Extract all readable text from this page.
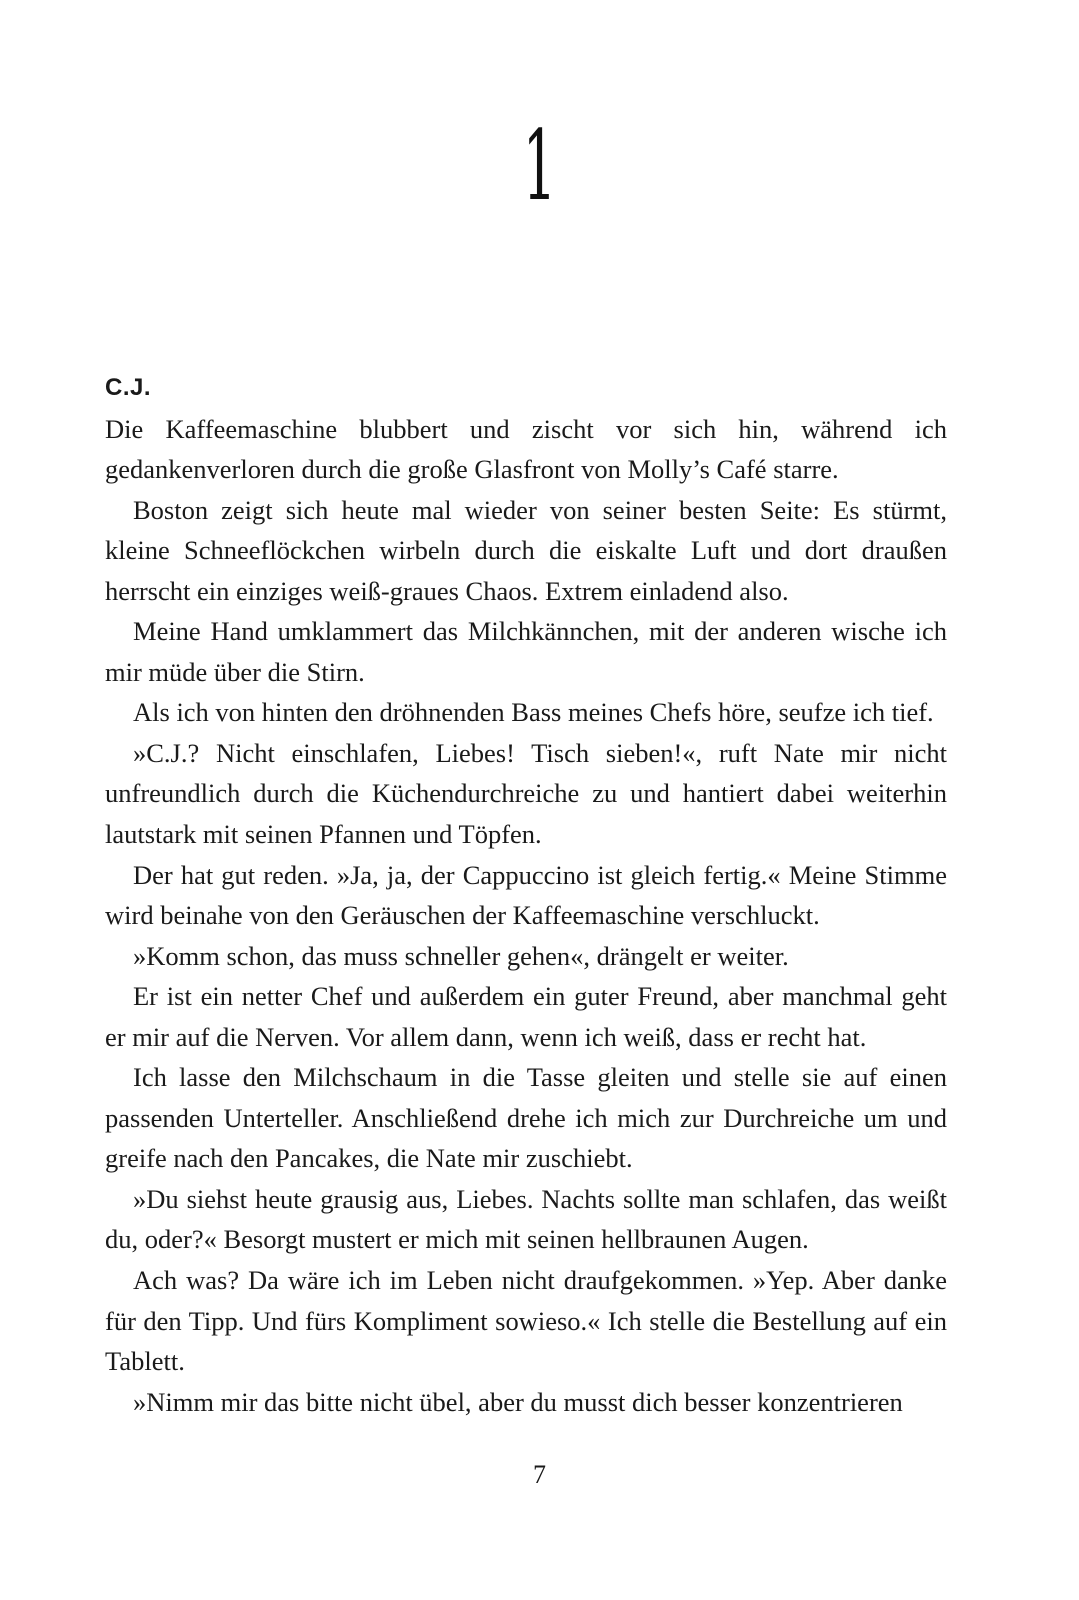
1

C.J.

Die Kaffeemaschine blubbert und zischt vor sich hin, während ich gedankenverloren durch die große Glasfront von Molly’s Café starre.

Boston zeigt sich heute mal wieder von seiner besten Seite: Es stürmt, kleine Schneeflöckchen wirbeln durch die eiskalte Luft und dort draußen herrscht ein einziges weiß-graues Chaos. Extrem einladend also.

Meine Hand umklammert das Milchkännchen, mit der anderen wische ich mir müde über die Stirn.

Als ich von hinten den dröhnenden Bass meines Chefs höre, seufze ich tief.

»C.J.? Nicht einschlafen, Liebes! Tisch sieben!«, ruft Nate mir nicht unfreundlich durch die Küchendurchreiche zu und hantiert dabei weiterhin lautstark mit seinen Pfannen und Töpfen.

Der hat gut reden. »Ja, ja, der Cappuccino ist gleich fertig.« Meine Stimme wird beinahe von den Geräuschen der Kaffeemaschine verschluckt.

»Komm schon, das muss schneller gehen«, drängelt er weiter.

Er ist ein netter Chef und außerdem ein guter Freund, aber manchmal geht er mir auf die Nerven. Vor allem dann, wenn ich weiß, dass er recht hat.

Ich lasse den Milchschaum in die Tasse gleiten und stelle sie auf einen passenden Unterteller. Anschließend drehe ich mich zur Durchreiche um und greife nach den Pancakes, die Nate mir zuschiebt.

»Du siehst heute grausig aus, Liebes. Nachts sollte man schlafen, das weißt du, oder?« Besorgt mustert er mich mit seinen hellbraunen Augen.

Ach was? Da wäre ich im Leben nicht draufgekommen. »Yep. Aber danke für den Tipp. Und fürs Kompliment sowieso.« Ich stelle die Bestellung auf ein Tablett.

»Nimm mir das bitte nicht übel, aber du musst dich besser konzentrieren

7
